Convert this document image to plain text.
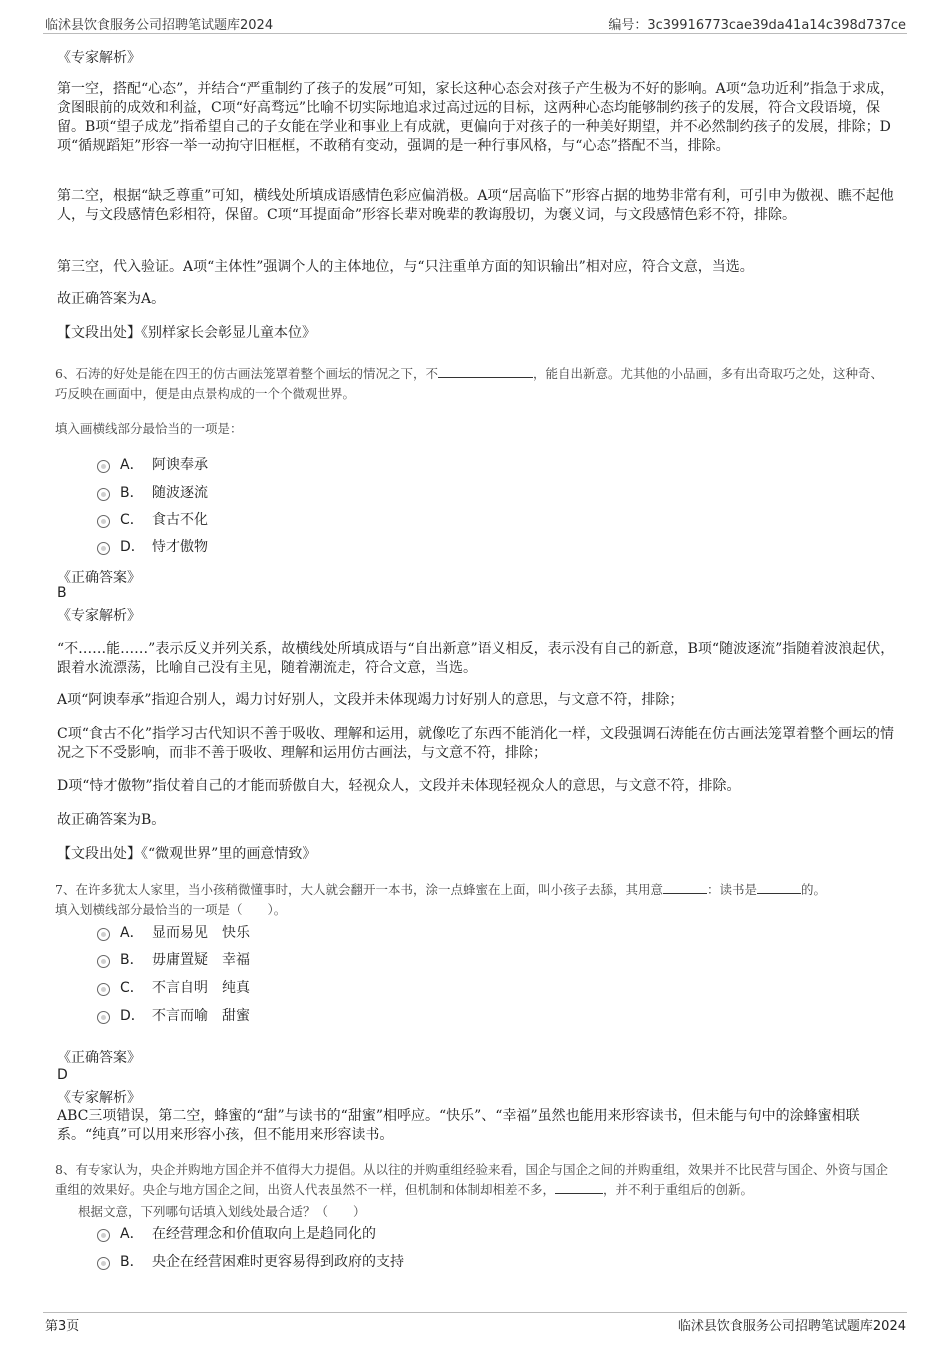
临沭县饮食服务公司招聘笔试题库2024	编号：3c39916773cae39da41a14c398d737ce
《专家解析》

第一空，搭配“心态”，并结合“严重制约了孩子的发展”可知，家长这种心态会对孩子产生极为不好的影响。A项“急功近利”指急于求成，贪图眼前的成效和利益，C项“好高骛远”比喻不切实际地追求过高过远的目标，这两种心态均能够制约孩子的发展，符合文段语境，保留。B项“望子成龙”指希望自己的子女能在学业和事业上有成就，更偏向于对孩子的一种美好期望，并不必然制约孩子的发展，排除；D项“循规蹈矩”形容一举一动拘守旧框框，不敢稍有变动，强调的是一种行事风格，与“心态”搭配不当，排除。

第二空，根据“缺乏尊重”可知，横线处所填成语感情色彩应偏消极。A项“居高临下”形容占据的地势非常有利，可引申为傲视、瞧不起他人，与文段感情色彩相符，保留。C项“耳提面命”形容长辈对晚辈的教诲殷切，为褒义词，与文段感情色彩不符，排除。

第三空，代入验证。A项“主体性”强调个人的主体地位，与“只注重单方面的知识输出”相对应，符合文意，当选。

故正确答案为A。

【文段出处】《别样家长会彰显儿童本位》

6、石涛的好处是能在四王的仿古画法笼罩着整个画坛的情况之下，不	，能自出新意。尤其他的小品画，多有出奇取巧之处，这种奇、巧反映在画面中，便是由点景构成的一个个微观世界。

填入画横线部分最恰当的一项是：
A． 阿谀奉承
B． 随波逐流
C． 食古不化
D． 恃才傲物
《正确答案》
B
《专家解析》

“不……能……”表示反义并列关系，故横线处所填成语与“自出新意”语义相反，表示没有自己的新意，B项“随波逐流”指随着波浪起伏，跟着水流漂荡，比喻自己没有主见，随着潮流走，符合文意，当选。

A项“阿谀奉承”指迎合别人，竭力讨好别人，文段并未体现竭力讨好别人的意思，与文意不符，排除；

C项“食古不化”指学习古代知识不善于吸收、理解和运用，就像吃了东西不能消化一样，文段强调石涛能在仿古画法笼罩着整个画坛的情况之下不受影响，而非不善于吸收、理解和运用仿古画法，与文意不符，排除；

D项“恃才傲物”指仗着自己的才能而骄傲自大，轻视众人，文段并未体现轻视众人的意思，与文意不符，排除。

故正确答案为B。

【文段出处】《“微观世界”里的画意情致》

7、在许多犹太人家里，当小孩稍微懂事时，大人就会翻开一本书，涂一点蜂蜜在上面，叫小孩子去舔，其用意	：读书是	的。
填入划横线部分最恰当的一项是（　　）。
A． 显而易见　快乐
B． 毋庸置疑　幸福
C． 不言自明　纯真
D． 不言而喻　甜蜜
《正确答案》
D
《专家解析》

ABC三项错误，第二空，蜂蜜的“甜”与读书的“甜蜜”相呼应。“快乐”、“幸福”虽然也能用来形容读书，但未能与句中的涂蜂蜜相联系。“纯真”可以用来形容小孩，但不能用来形容读书。

8、有专家认为，央企并购地方国企并不值得大力提倡。从以往的并购重组经验来看，国企与国企之间的并购重组，效果并不比民营与国企、外资与国企重组的效果好。央企与地方国企之间，出资人代表虽然不一样，但机制和体制却相差不多，	，并不利于重组后的创新。

根据文意，下列哪句话填入划线处最合适？（　　）
A． 在经营理念和价值取向上是趋同化的
B． 央企在经营困难时更容易得到政府的支持
第3页	临沭县饮食服务公司招聘笔试题库2024
